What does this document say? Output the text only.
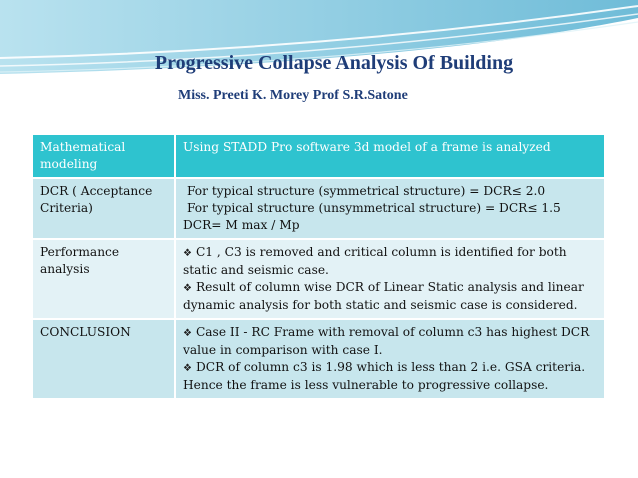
Progressive Collapse Analysis Of Building
Miss. Preeti K. Morey Prof S.R.Satone
Mathematical modeling	Using STADD Pro software 3d model of a frame is analyzed

DCR ( Acceptance Criteria)	For typical structure (symmetrical structure) = DCR≤ 2.0
For typical structure (unsymmetrical structure) = DCR≤ 1.5
DCR= M max / Mp

Performance analysis	❖ C1 , C3 is removed and critical column is identified for both static and seismic case.
❖ Result of column wise DCR of Linear Static analysis and linear dynamic analysis for both static and seismic case is considered.

CONCLUSION	❖ Case II - RC Frame with removal of column c3 has highest DCR value in comparison with case I.
❖ DCR of column c3 is 1.98 which is less than 2 i.e. GSA criteria. Hence the frame is less vulnerable to progressive collapse.
